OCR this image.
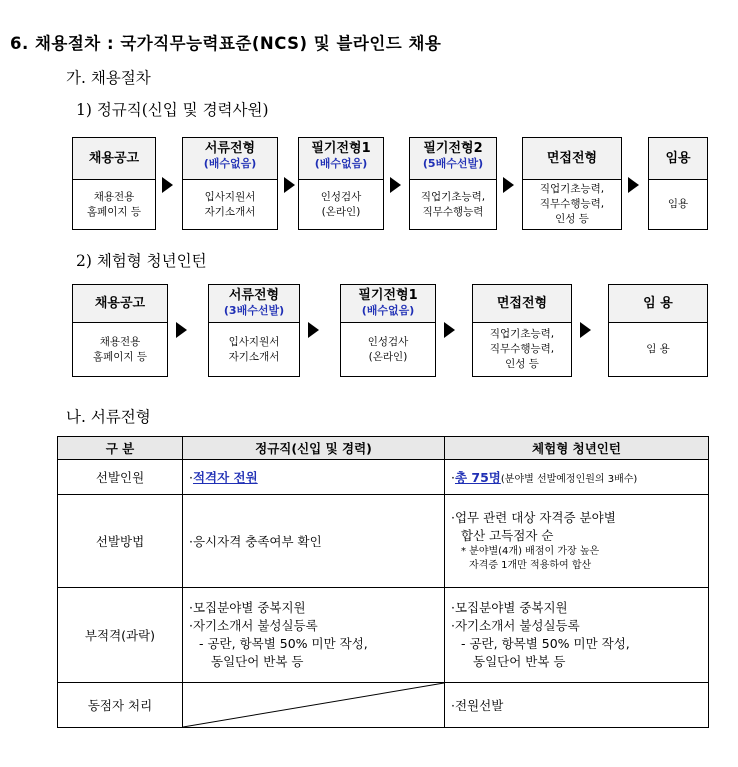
6. 채용절차 : 국가직무능력표준(NCS) 및 블라인드 채용
가. 채용절차
1) 정규직(신입 및 경력사원)
채용공고
채용전용
홈페이지 등
서류전형
(배수없음)
입사지원서
자기소개서
필기전형1
(배수없음)
인성검사
(온라인)
필기전형2
(5배수선발)
직업기초능력,
직무수행능력
면접전형
직업기초능력,
직무수행능력,
인성 등
임용
임용
2) 체험형 청년인턴
채용공고
채용전용
홈페이지 등
서류전형
(3배수선발)
입사지원서
자기소개서
필기전형1
(배수없음)
인성검사
(온라인)
면접전형
직업기초능력,
직무수행능력,
인성 등
임 용
임 용
나. 서류전형
구 분	정규직(신입 및 경력)	체험형 청년인턴
선발인원	·적격자 전원	·총 75명(분야별 선발예정인원의 3배수)
선발방법	·응시자격 충족여부 확인	·업무 관련 대상 자격증 분야별
합산 고득점자 순
* 분야별(4개) 배점이 가장 높은
자격증 1개만 적용하여 합산

부적격(과락)	·모집분야별 중복지원
·자기소개서 불성실등록
- 공란, 항목별 50% 미만 작성,
동일단어 반복 등	·모집분야별 중복지원
·자기소개서 불성실등록
- 공란, 항목별 50% 미만 작성,
동일단어 반복 등

동점자 처리		·전원선발
